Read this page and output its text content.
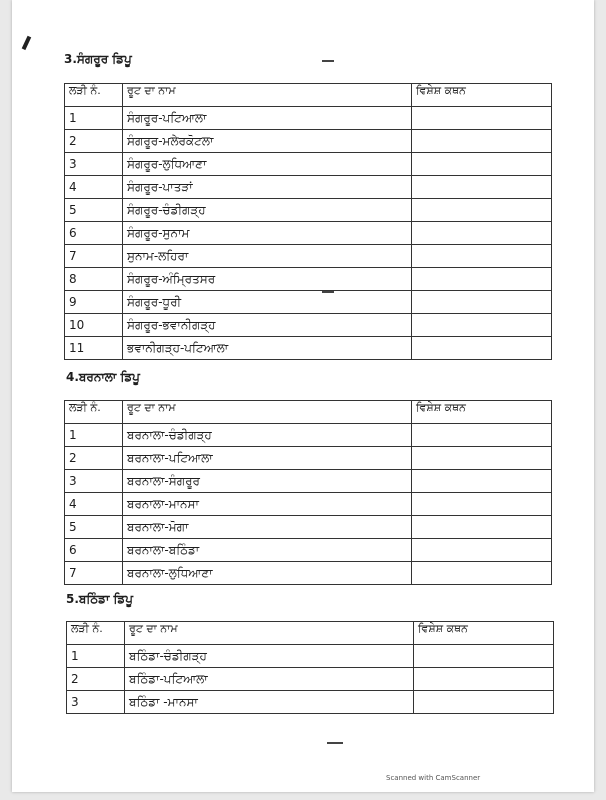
3.ਸੰਗਰੂਰ ਡਿਪੂ
ਲੜੀ ਨੰ.	ਰੂਟ ਦਾ ਨਾਮ	ਵਿਸ਼ੇਸ਼ ਕਥਨ
1	ਸੰਗਰੂਰ-ਪਟਿਆਲਾ	
2	ਸੰਗਰੂਰ-ਮਲੇਰਕੋਟਲਾ	
3	ਸੰਗਰੂਰ-ਲੁਧਿਆਣਾ	
4	ਸੰਗਰੂਰ-ਪਾਤੜਾਂ	
5	ਸੰਗਰੂਰ-ਚੰਡੀਗੜ੍ਹ	
6	ਸੰਗਰੂਰ-ਸੁਨਾਮ	
7	ਸੁਨਾਮ-ਲਹਿਰਾ	
8	ਸੰਗਰੂਰ-ਅੰਮ੍ਰਿਤਸਰ	
9	ਸੰਗਰੂਰ-ਧੂਰੀ	
10	ਸੰਗਰੂਰ-ਭਵਾਨੀਗੜ੍ਹ	
11	ਭਵਾਨੀਗੜ੍ਹ-ਪਟਿਆਲਾ	
4.ਬਰਨਾਲਾ ਡਿਪੂ
ਲੜੀ ਨੰ.	ਰੂਟ ਦਾ ਨਾਮ	ਵਿਸ਼ੇਸ਼ ਕਥਨ
1	ਬਰਨਾਲਾ-ਚੰਡੀਗੜ੍ਹ	
2	ਬਰਨਾਲਾ-ਪਟਿਆਲਾ	
3	ਬਰਨਾਲਾ-ਸੰਗਰੂਰ	
4	ਬਰਨਾਲਾ-ਮਾਨਸਾ	
5	ਬਰਨਾਲਾ-ਮੋਗਾ	
6	ਬਰਨਾਲਾ-ਬਠਿੰਡਾ	
7	ਬਰਨਾਲਾ-ਲੁਧਿਆਣਾ	
5.ਬਠਿੰਡਾ ਡਿਪੂ
ਲੜੀ ਨੰ.	ਰੂਟ ਦਾ ਨਾਮ	ਵਿਸ਼ੇਸ਼ ਕਥਨ
1	ਬਠਿੰਡਾ-ਚੰਡੀਗੜ੍ਹ	
2	ਬਠਿੰਡਾ-ਪਟਿਆਲਾ	
3	ਬਠਿੰਡਾ -ਮਾਨਸਾ	
Scanned with CamScanner
